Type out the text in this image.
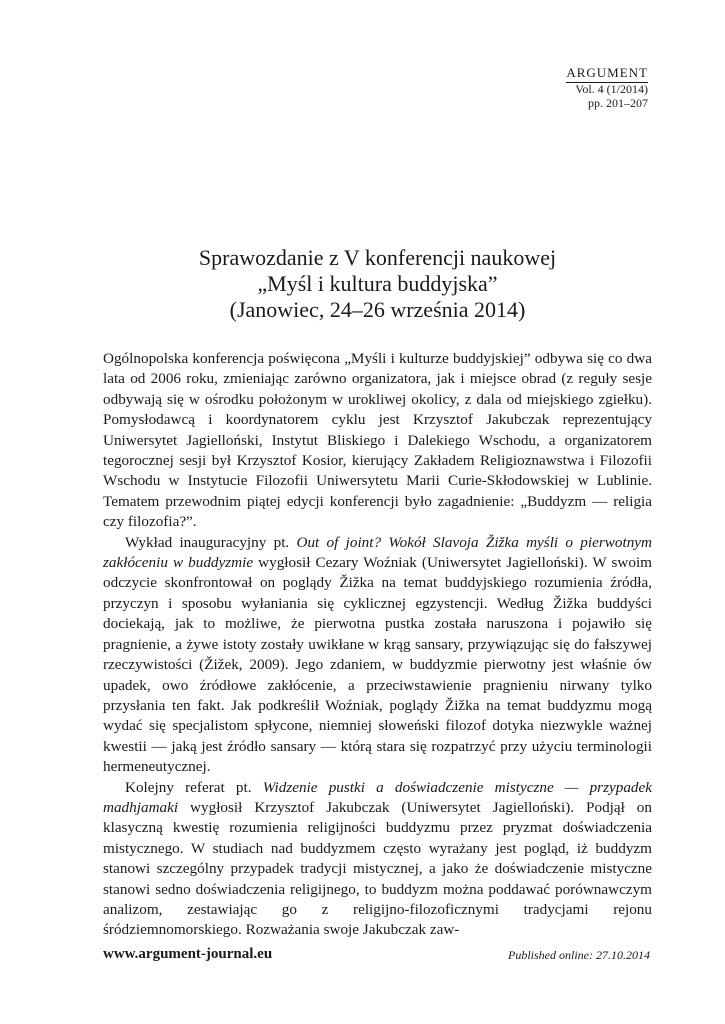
ARGUMENT
Vol. 4 (1/2014)
pp. 201–207
Sprawozdanie z V konferencji naukowej
„Myśl i kultura buddyjska”
(Janowiec, 24–26 września 2014)

Ogólnopolska konferencja poświęcona „Myśli i kulturze buddyjskiej” odbywa się co dwa lata od 2006 roku, zmieniając zarówno organizatora, jak i miejsce obrad (z reguły sesje odbywają się w ośrodku położonym w urokliwej okolicy, z dala od miejskiego zgiełku). Pomysłodawcą i koordynatorem cyklu jest Krzysztof Jakubczak reprezentujący Uniwersytet Jagielloński, Instytut Bliskiego i Dalekiego Wschodu, a organizatorem tegorocznej sesji był Krzysztof Kosior, kierujący Zakładem Religioznawstwa i Filozofii Wschodu w Instytucie Filozofii Uniwersytetu Marii Curie-Skłodowskiej w Lublinie. Tematem przewodnim piątej edycji konferencji było zagadnienie: „Buddyzm — religia czy filozofia?”.

Wykład inauguracyjny pt. Out of joint? Wokół Slavoja Žižka myśli o pierwotnym zakłóceniu w buddyzmie wygłosił Cezary Woźniak (Uniwersytet Jagielloński). W swoim odczycie skonfrontował on poglądy Žižka na temat buddyjskiego rozumienia źródła, przyczyn i sposobu wyłaniania się cyklicznej egzystencji. Według Žižka buddyści dociekają, jak to możliwe, że pierwotna pustka została naruszona i pojawiło się pragnienie, a żywe istoty zostały uwikłane w krąg sansary, przywiązując się do fałszywej rzeczywistości (Žižek, 2009). Jego zdaniem, w buddyzmie pierwotny jest właśnie ów upadek, owo źródłowe zakłócenie, a przeciwstawienie pragnieniu nirwany tylko przysłania ten fakt. Jak podkreślił Woźniak, poglądy Žižka na temat buddyzmu mogą wydać się specjalistom spłycone, niemniej słoweński filozof dotyka niezwykle ważnej kwestii — jaką jest źródło sansary — którą stara się rozpatrzyć przy użyciu terminologii hermeneutycznej.

Kolejny referat pt. Widzenie pustki a doświadczenie mistyczne — przypadek madhjamaki wygłosił Krzysztof Jakubczak (Uniwersytet Jagielloński). Podjął on klasyczną kwestię rozumienia religijności buddyzmu przez pryzmat doświadczenia mistycznego. W studiach nad buddyzmem często wyrażany jest pogląd, iż buddyzm stanowi szczególny przypadek tradycji mistycznej, a jako że doświadczenie mistyczne stanowi sedno doświadczenia religijnego, to buddyzm można poddawać porównawczym analizom, zestawiając go z religijno-filozoficznymi tradycjami rejonu śródziemnomorskiego. Rozważania swoje Jakubczak zaw-

www.argument-journal.eu	Published online: 27.10.2014
